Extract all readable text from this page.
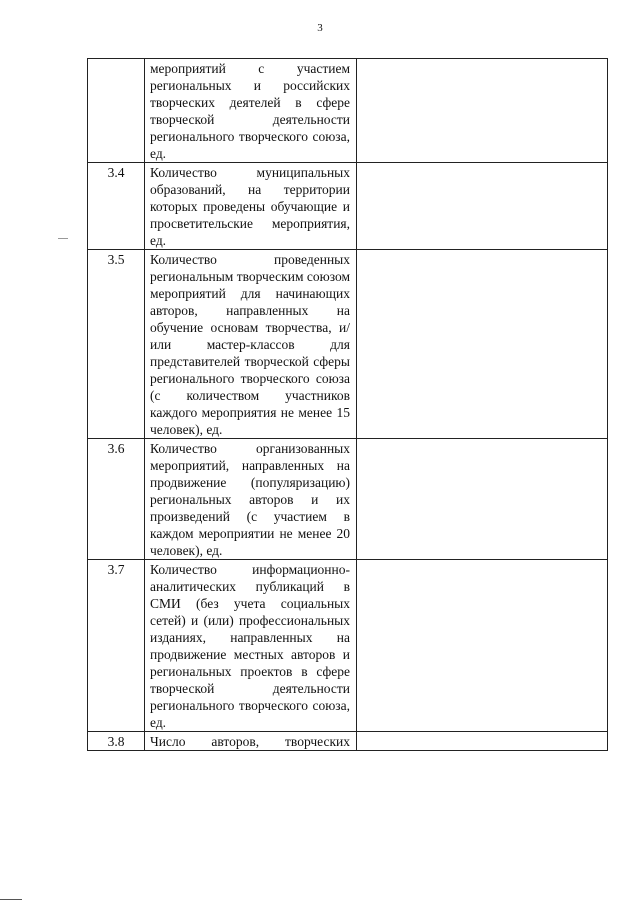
3

	мероприятий с участием региональных и российских творческих деятелей в сфере творческой деятельности регионального творческого союза, ед.	

3.4	Количество муниципальных образований, на территории которых проведены обучающие и просветительские мероприятия, ед.	

3.5	Количество проведенных региональным творческим союзом мероприятий для начинающих авторов, направленных на обучение основам творчества, и/или мастер-классов для представителей творческой сферы регионального творческого союза (с количеством участников каждого мероприятия не менее 15 человек), ед.	

3.6	Количество организованных мероприятий, направленных на продвижение (популяризацию) региональных авторов и их произведений (с участием в каждом мероприятии не менее 20 человек), ед.	

3.7	Количество информационно-аналитических публикаций в СМИ (без учета социальных сетей) и (или) профессиональных изданиях, направленных на продвижение местных авторов и региональных проектов в сфере творческой деятельности регионального творческого союза, ед.	

3.8	Число авторов, творческих	
